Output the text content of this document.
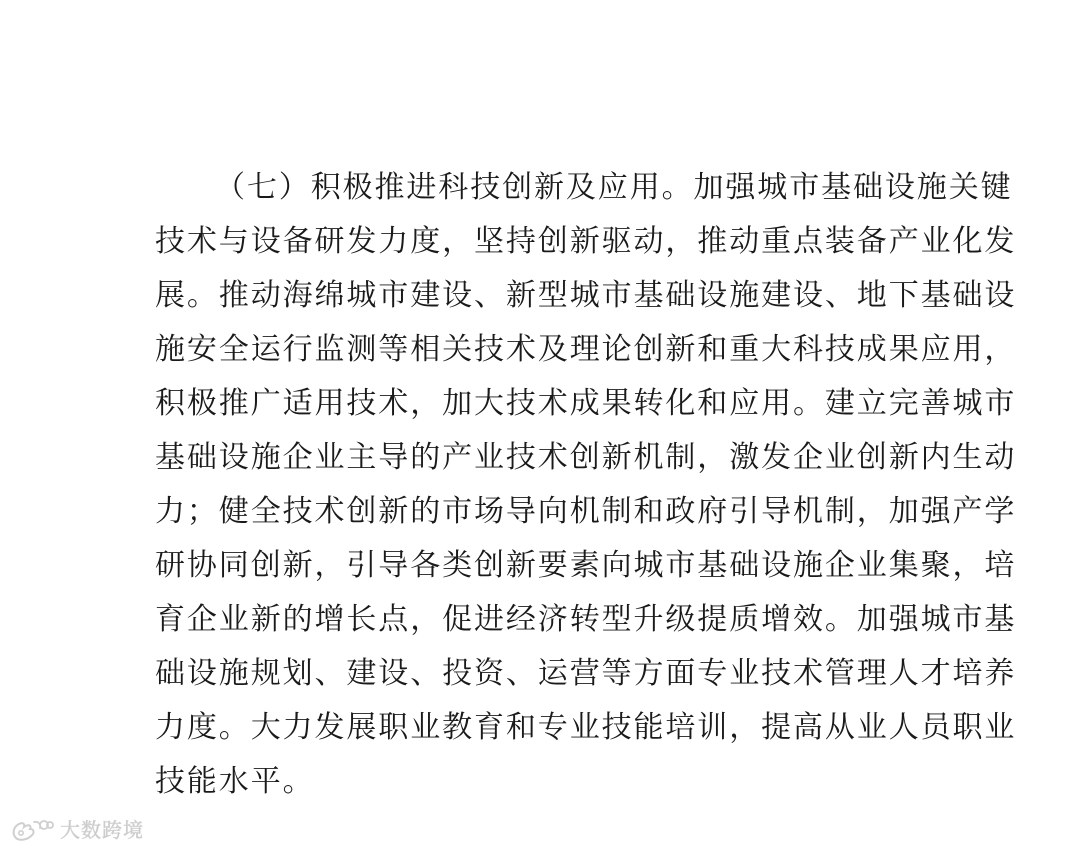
（七）积极推进科技创新及应用。加强城市基础设施关键
技术与设备研发力度，坚持创新驱动，推动重点装备产业化发
展。推动海绵城市建设、新型城市基础设施建设、地下基础设
施安全运行监测等相关技术及理论创新和重大科技成果应用，
积极推广适用技术，加大技术成果转化和应用。建立完善城市
基础设施企业主导的产业技术创新机制，激发企业创新内生动
力；健全技术创新的市场导向机制和政府引导机制，加强产学
研协同创新，引导各类创新要素向城市基础设施企业集聚，培
育企业新的增长点，促进经济转型升级提质增效。加强城市基
础设施规划、建设、投资、运营等方面专业技术管理人才培养
力度。大力发展职业教育和专业技能培训，提高从业人员职业
技能水平。
大数跨境
